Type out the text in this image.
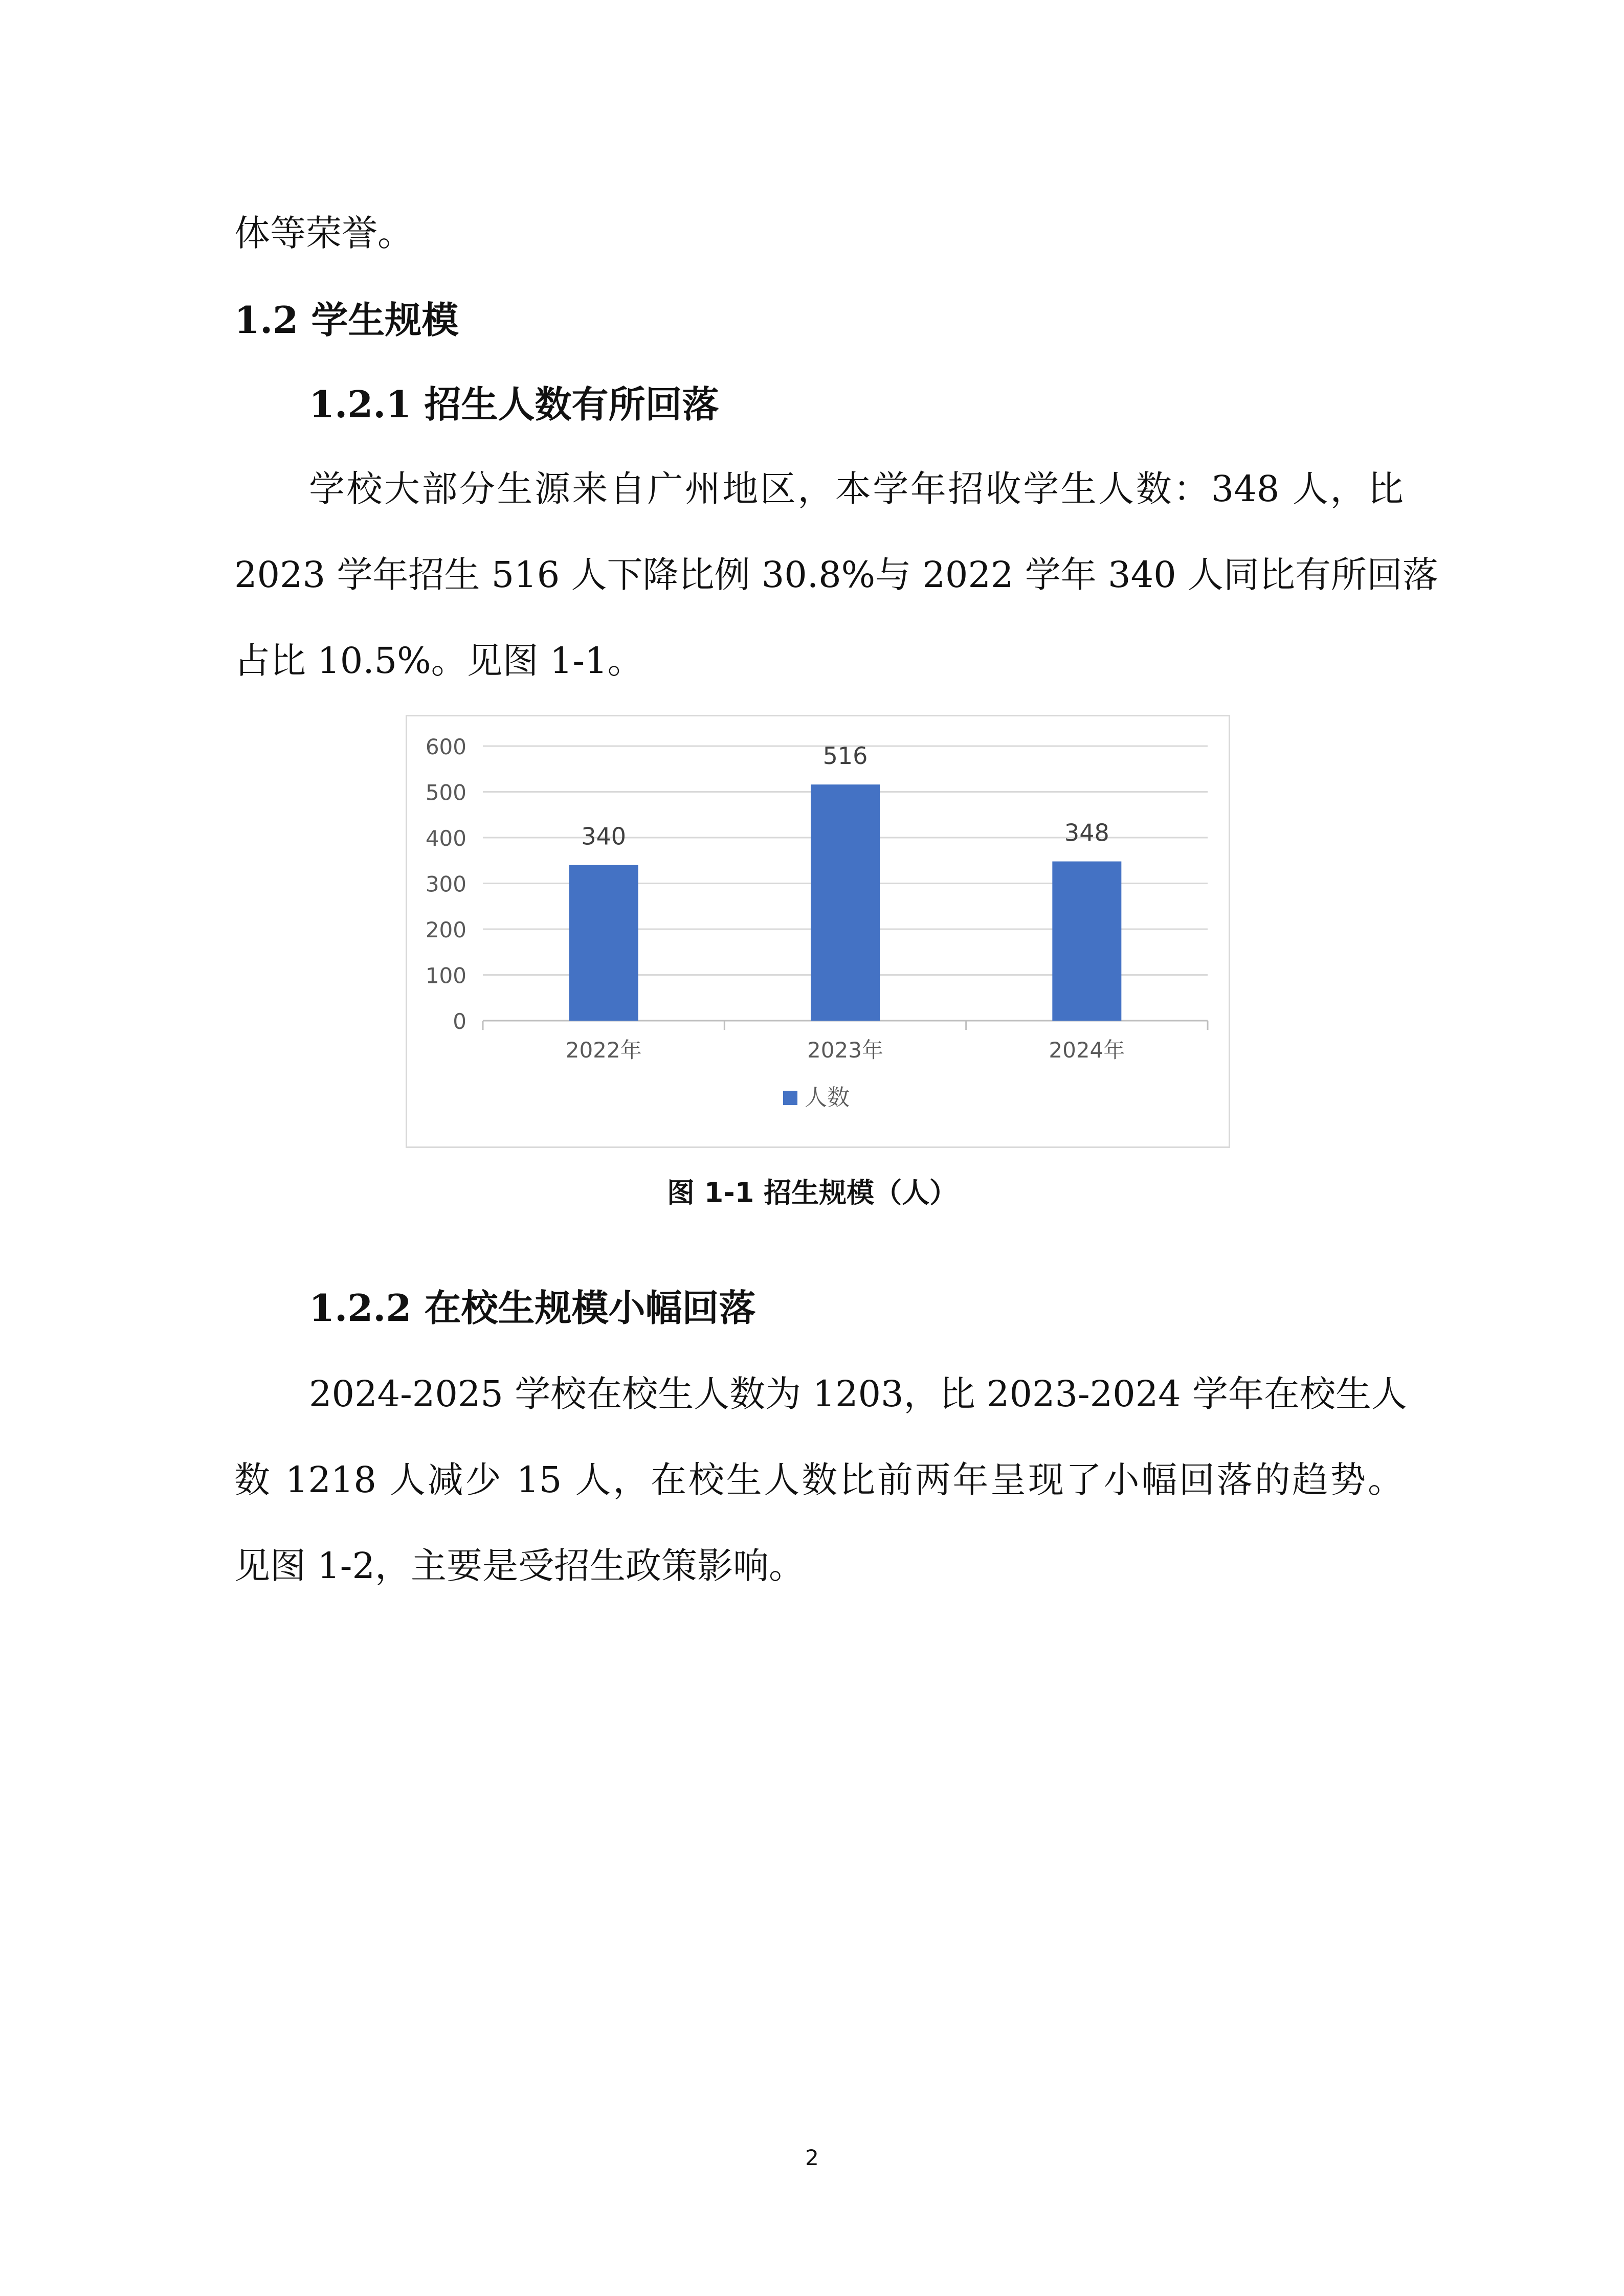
体等荣誉。
1.2 学生规模
1.2.1 招生人数有所回落
学校大部分生源来自广州地区，本学年招收学生人数：348 人，比
2023 学年招生 516 人下降比例 30.8%与 2022 学年 340 人同比有所回落
占比 10.5%。见图 1-1。
0
100
200
300
400
500
600
340
2022年
516
2023年
348
2024年
人数
图 1-1 招生规模（人）
1.2.2 在校生规模小幅回落
2024-2025 学校在校生人数为 1203，比 2023-2024 学年在校生人
数 1218 人减少 15 人，在校生人数比前两年呈现了小幅回落的趋势。
见图 1-2，主要是受招生政策影响。
2
